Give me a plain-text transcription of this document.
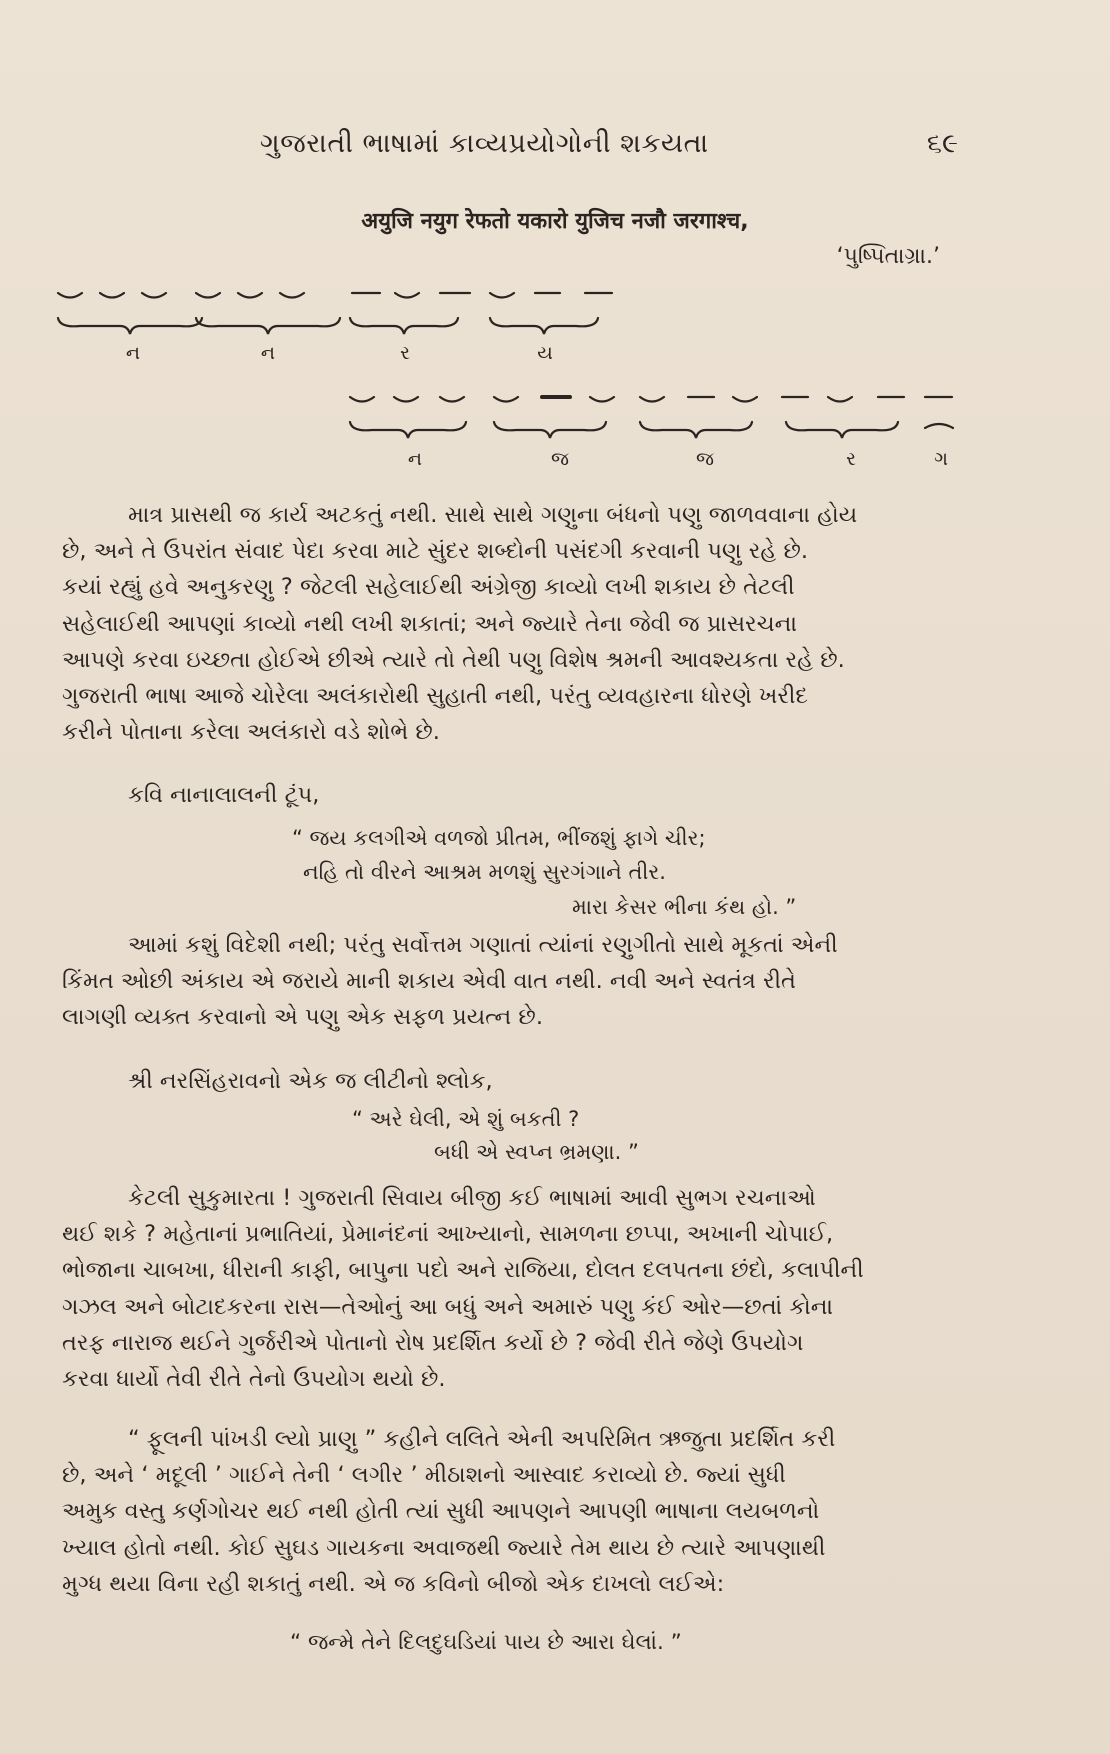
ગુજરાતી ભાષામાં કાવ્યપ્રયોગોની શકયતા	૬૯
अयुजि नयुग रेफतो यकारो युजिच नजौ जरगाश्च,
‘પુષ્પિતાગ્રા.’
ન	ન	ર	ય
ન	જ	જ	ર	ગ

માત્ર પ્રાસથી જ કાર્ય અટકતું નથી. સાથે સાથે ગણુના બંધનો પણુ જાળવવાના હોય
છે, અને તે ઉપરાંત સંવાદ પેદા કરવા માટે સુંદર શબ્દોની પસંદગી કરવાની પણુ રહે છે.
કયાં રહ્યું હવે અનુકરણુ ? જેટલી સહેલાઈથી અંગ્રેજી કાવ્યો લખી શકાય છે તેટલી
સહેલાઈથી આપણાં કાવ્યો નથી લખી શકાતાં; અને જ્યારે તેના જેવી જ પ્રાસરચના
આપણે કરવા ઇચ્છતા હોઈએ છીએ ત્યારે તો તેથી પણુ વિશેષ શ્રમની આવશ્યકતા રહે છે.
ગુજરાતી ભાષા આજે ચોરેલા અલંકારોથી સુહાતી નથી, પરંતુ વ્યવહારના ધોરણે ખરીદ
કરીને પોતાના કરેલા અલંકારો વડે શોભે છે.

કવિ નાનાલાલની ટૂંપ,
“ જય કલગીએ વળજો પ્રીતમ, ભીંજશું ફાગે ચીર;
નહિ તો વીરને આશ્રમ મળશું સુરગંગાને તીર.
મારા કેસર ભીના કંથ હો. ”

આમાં કશું વિદેશી નથી; પરંતુ સર્વોત્તમ ગણાતાં ત્યાંનાં રણુગીતો સાથે મૂકતાં એની
કિંમત ઓછી અંકાય એ જરાયે માની શકાય એવી વાત નથી. નવી અને સ્વતંત્ર રીતે
લાગણી વ્યક્ત કરવાનો એ પણુ એક સફળ પ્રયત્ન છે.

શ્રી નરસિંહરાવનો એક જ લીટીનો શ્લોક,
“ અરે ઘેલી, એ શું બકતી ?
બધી એ સ્વપ્ન ભ્રમણા. ”

કેટલી સુકુમારતા ! ગુજરાતી સિવાય બીજી કઈ ભાષામાં આવી સુભગ રચનાઓ
થઈ શકે ? મહેતાનાં પ્રભાતિયાં, પ્રેમાનંદનાં આખ્યાનો, સામળના છપ્પા, અખાની ચોપાઈ,
ભોજાના ચાબખા, ધીરાની કાફી, બાપુના પદો અને રાજિયા, દોલત દલપતના છંદો, કલાપીની
ગઝલ અને બોટાદકરના રાસ—તેઓનું આ બધું અને અમારું પણુ કંઈ ઓર—છતાં કોના
તરફ નારાજ થઈને ગુર્જરીએ પોતાનો રોષ પ્રદર્શિત કર્યો છે ? જેવી રીતે જેણે ઉપયોગ
કરવા ધાર્યો તેવી રીતે તેનો ઉપયોગ થયો છે.

“ ફૂલની પાંખડી લ્યો પ્રાણુ ” કહીને લલિતે એની અપરિમિત ઋજુતા પ્રદર્શિત કરી
છે, અને ‘ મદૂલી ’ ગાઈને તેની ‘ લગીર ’ મીઠાશનો આસ્વાદ કરાવ્યો છે. જ્યાં સુધી
અમુક વસ્તુ કર્ણગોચર થઈ નથી હોતી ત્યાં સુધી આપણને આપણી ભાષાના લયબળનો
ખ્યાલ હોતો નથી. કોઈ સુઘડ ગાયકના અવાજથી જ્યારે તેમ થાય છે ત્યારે આપણાથી
મુગ્ધ થયા વિના રહી શકાતું નથી. એ જ કવિનો બીજો એક દાખલો લઈએ:

“ જન્મે તેને દિલદુઘડિયાં પાય છે આરા ઘેલાં. ”
